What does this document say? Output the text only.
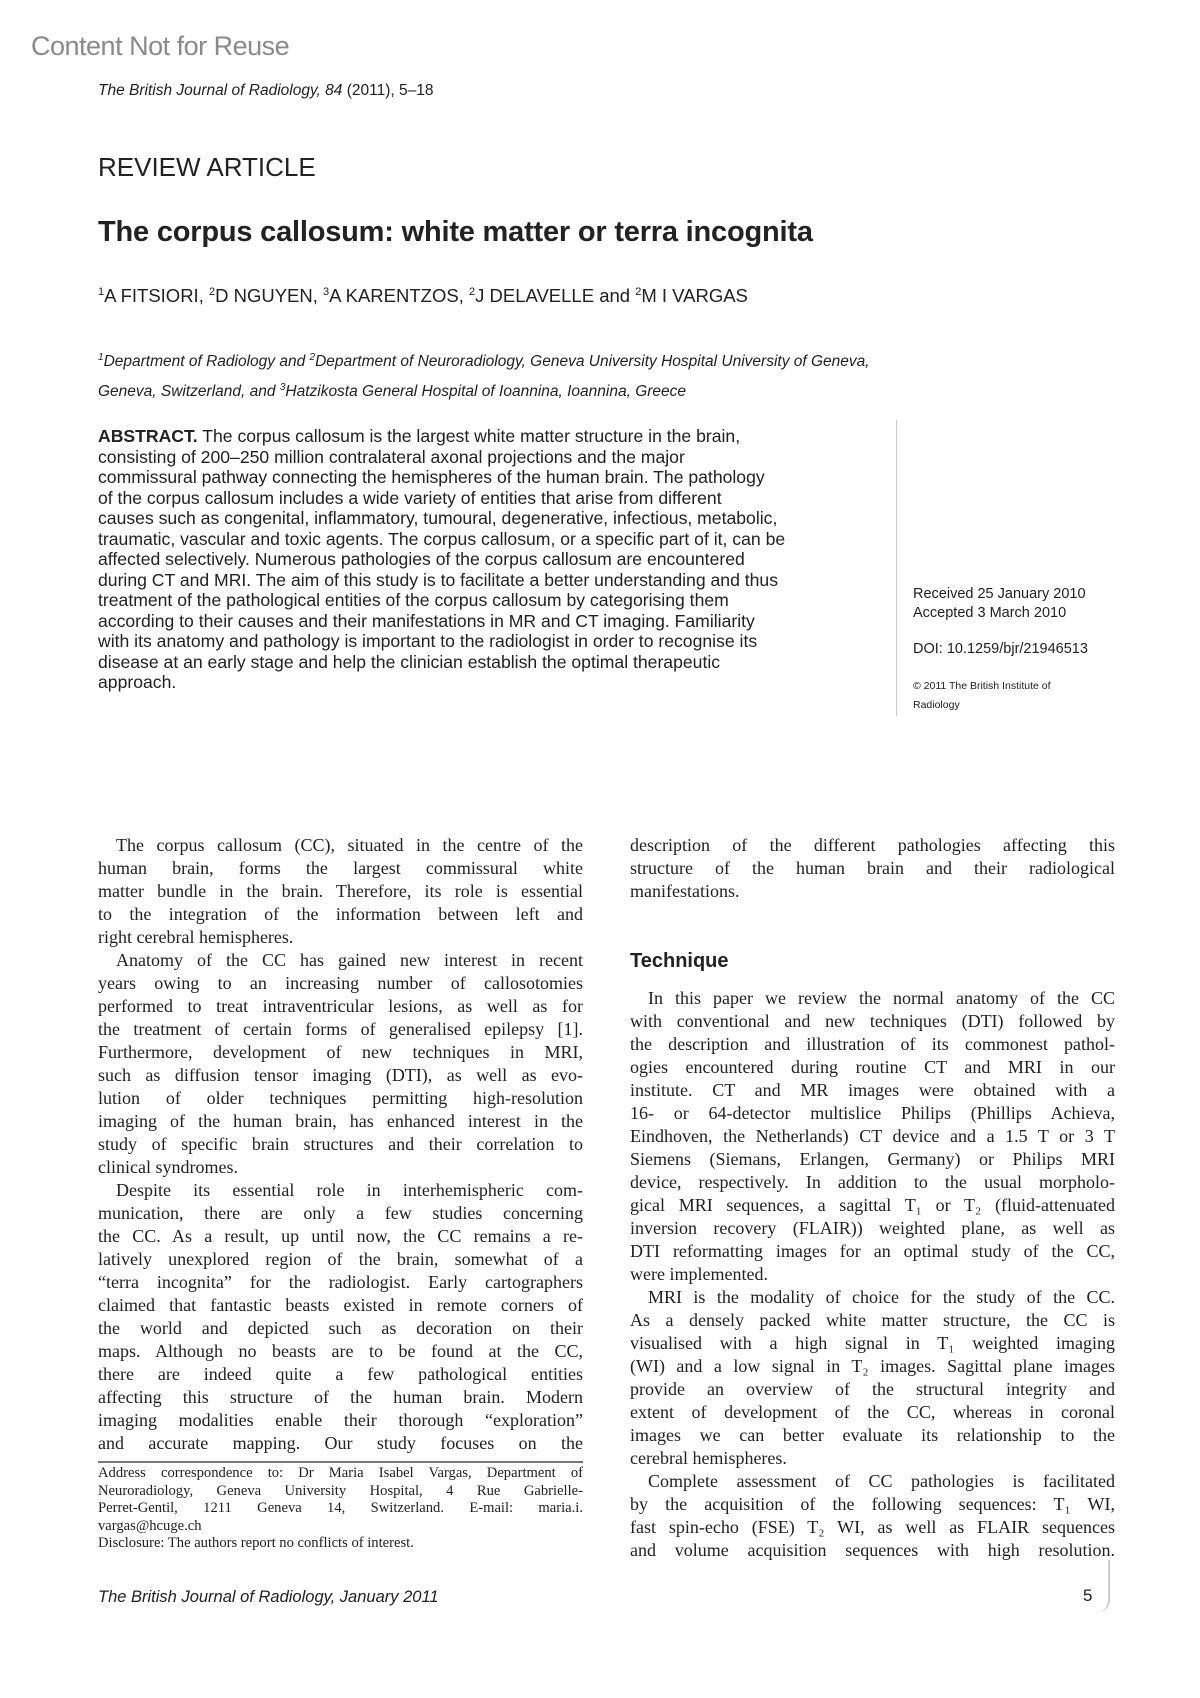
Content Not for Reuse
The British Journal of Radiology, 84 (2011), 5–18
REVIEW ARTICLE
The corpus callosum: white matter or terra incognita
$^1$A FITSIORI, $^2$D NGUYEN, $^3$A KARENTZOS, $^2$J DELAVELLE and $^2$M I VARGAS
$^1$Department of Radiology and $^2$Department of Neuroradiology, Geneva University Hospital University of Geneva,
Geneva, Switzerland, and $^3$Hatzikosta General Hospital of Ioannina, Ioannina, Greece
ABSTRACT. The corpus callosum is the largest white matter structure in the brain,
consisting of 200–250 million contralateral axonal projections and the major
commissural pathway connecting the hemispheres of the human brain. The pathology
of the corpus callosum includes a wide variety of entities that arise from different
causes such as congenital, inflammatory, tumoural, degenerative, infectious, metabolic,
traumatic, vascular and toxic agents. The corpus callosum, or a specific part of it, can be
affected selectively. Numerous pathologies of the corpus callosum are encountered
during CT and MRI. The aim of this study is to facilitate a better understanding and thus
treatment of the pathological entities of the corpus callosum by categorising them
according to their causes and their manifestations in MR and CT imaging. Familiarity
with its anatomy and pathology is important to the radiologist in order to recognise its
disease at an early stage and help the clinician establish the optimal therapeutic
approach.
Received 25 January 2010
Accepted 3 March 2010
DOI: 10.1259/bjr/21946513
© 2011 The British Institute of
Radiology
The corpus callosum (CC), situated in the centre of the
human brain, forms the largest commissural white
matter bundle in the brain. Therefore, its role is essential
to the integration of the information between left and
right cerebral hemispheres.
Anatomy of the CC has gained new interest in recent
years owing to an increasing number of callosotomies
performed to treat intraventricular lesions, as well as for
the treatment of certain forms of generalised epilepsy [1].
Furthermore, development of new techniques in MRI,
such as diffusion tensor imaging (DTI), as well as evo-
lution of older techniques permitting high-resolution
imaging of the human brain, has enhanced interest in the
study of specific brain structures and their correlation to
clinical syndromes.
Despite its essential role in interhemispheric com-
munication, there are only a few studies concerning
the CC. As a result, up until now, the CC remains a re-
latively unexplored region of the brain, somewhat of a
“terra incognita” for the radiologist. Early cartographers
claimed that fantastic beasts existed in remote corners of
the world and depicted such as decoration on their
maps. Although no beasts are to be found at the CC,
there are indeed quite a few pathological entities
affecting this structure of the human brain. Modern
imaging modalities enable their thorough “exploration”
and accurate mapping. Our study focuses on the
description of the different pathologies affecting this
structure of the human brain and their radiological
manifestations.
Technique
In this paper we review the normal anatomy of the CC
with conventional and new techniques (DTI) followed by
the description and illustration of its commonest pathol-
ogies encountered during routine CT and MRI in our
institute. CT and MR images were obtained with a
16- or 64-detector multislice Philips (Phillips Achieva,
Eindhoven, the Netherlands) CT device and a 1.5 T or 3 T
Siemens (Siemans, Erlangen, Germany) or Philips MRI
device, respectively. In addition to the usual morpholo-
gical MRI sequences, a sagittal T₁ or T₂ (fluid-attenuated
inversion recovery (FLAIR)) weighted plane, as well as
DTI reformatting images for an optimal study of the CC,
were implemented.
MRI is the modality of choice for the study of the CC.
As a densely packed white matter structure, the CC is
visualised with a high signal in T₁ weighted imaging
(WI) and a low signal in T₂ images. Sagittal plane images
provide an overview of the structural integrity and
extent of development of the CC, whereas in coronal
images we can better evaluate its relationship to the
cerebral hemispheres.
Complete assessment of CC pathologies is facilitated
by the acquisition of the following sequences: T₁ WI,
fast spin-echo (FSE) T₂ WI, as well as FLAIR sequences
and volume acquisition sequences with high resolution.
Address correspondence to: Dr Maria Isabel Vargas, Department of
Neuroradiology, Geneva University Hospital, 4 Rue Gabrielle-
Perret-Gentil, 1211 Geneva 14, Switzerland. E-mail: maria.i.
vargas@hcuge.ch
Disclosure: The authors report no conflicts of interest.
The British Journal of Radiology, January 2011	5
